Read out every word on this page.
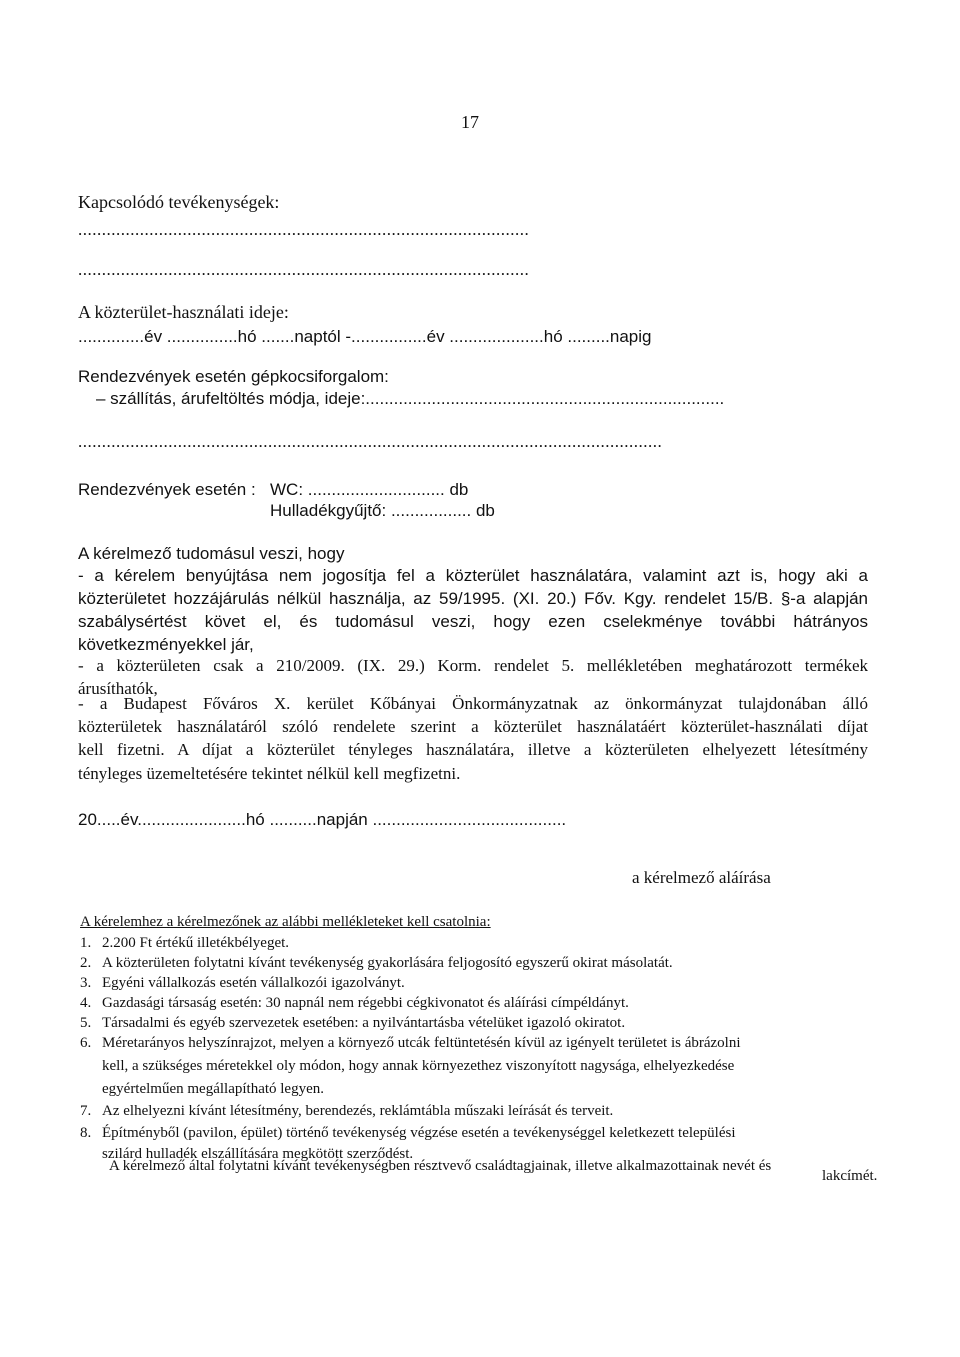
17
Kapcsolódó tevékenységek:
...............................................................................................
...............................................................................................
A közterület-használati ideje:
..............év ...............hó .......naptól -................év ....................hó .........napig
Rendezvények esetén gépkocsiforgalom:
– szállítás, árufeltöltés módja, ideje:............................................................................
...........................................................................................................................
Rendezvények esetén : WC: ............................. db
Hulladékgyűjtő: ................. db
A kérelmező tudomásul veszi, hogy
- a kérelem benyújtása nem jogosítja fel a közterület használatára, valamint azt is, hogy aki a
közterületet hozzájárulás nélkül használja, az 59/1995. (XI. 20.) Főv. Kgy. rendelet 15/B. §-a alapján
szabálysértést követ el, és tudomásul veszi, hogy ezen cselekménye további hátrányos
következményekkel jár,
- a közterületen csak a 210/2009. (IX. 29.) Korm. rendelet 5. mellékletében meghatározott termékek
árusíthatók,
- a Budapest Főváros X. kerület Kőbányai Önkormányzatnak az önkormányzat tulajdonában álló
közterületek használatáról szóló rendelete szerint a közterület használatáért közterület-használati díjat
kell fizetni. A díjat a közterület tényleges használatára, illetve a közterületen elhelyezett létesítmény
tényleges üzemeltetésére tekintet nélkül kell megfizetni.
20.....év.......................hó ..........napján .........................................
a kérelmező aláírása
A kérelemhez a kérelmezőnek az alábbi mellékleteket kell csatolnia:
1. 2.200 Ft értékű illetékbélyeget.
2. A közterületen folytatni kívánt tevékenység gyakorlására feljogosító egyszerű okirat másolatát.
3. Egyéni vállalkozás esetén vállalkozói igazolványt.
4. Gazdasági társaság esetén: 30 napnál nem régebbi cégkivonatot és aláírási címpéldányt.
5. Társadalmi és egyéb szervezetek esetében: a nyilvántartásba vételüket igazoló okiratot.
6. Méretarányos helyszínrajzot, melyen a környező utcák feltüntetésén kívül az igényelt területet is ábrázolni
kell, a szükséges méretekkel oly módon, hogy annak környezethez viszonyított nagysága, elhelyezkedése
egyértelműen megállapítható legyen.
7. Az elhelyezni kívánt létesítmény, berendezés, reklámtábla műszaki leírását és terveit.
8. Építményből (pavilon, épület) történő tevékenység végzése esetén a tevékenységgel keletkezett települési
szilárd hulladék elszállítására megkötött szerződést.
A kérelmező által folytatni kívánt tevékenységben résztvevő családtagjainak, illetve alkalmazottainak nevét és
lakcímét.
